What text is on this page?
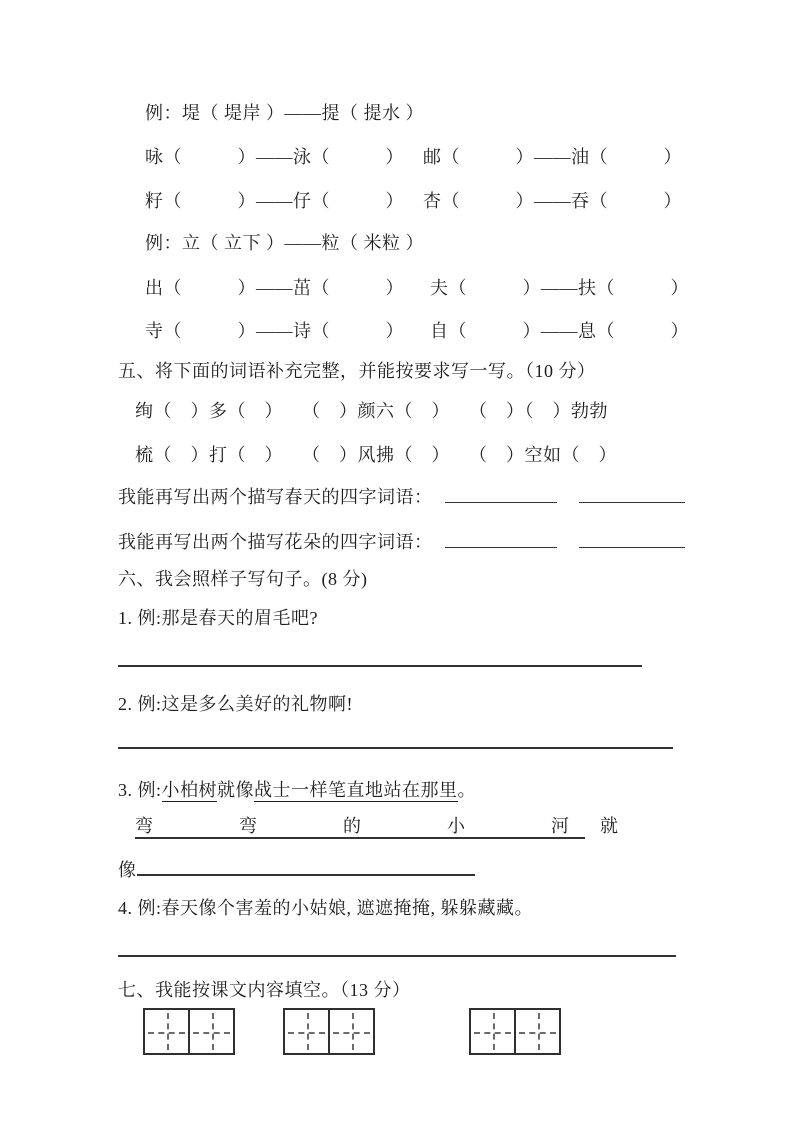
例：堤（ 堤岸 ）——提（ 提水 ）
咏（　　　）——泳（　　　） 邮（　　　）——油（　　　）
籽（　　　）——仔（　　　） 杏（　　　）——吞（　　　）
例：立（ 立下 ）——粒（ 米粒 ）
出（　　　）——茁（　　　） 夫（　　　）——扶（　　　）
寺（　　　）——诗（　　　） 自（　　　）——息（　　　）
五、将下面的词语补充完整，并能按要求写一写。（10 分）
绚（　）多（　）　　（　）颜六（　）　　（　）（　）勃勃
梳（　）打（　）　　（　）风拂（　）　　（　）空如（　）
我能再写出两个描写春天的四字词语：
我能再写出两个描写花朵的四字词语：
六、我会照样子写句子。(8 分)
1. 例:那是春天的眉毛吧?
2. 例:这是多么美好的礼物啊!
3. 例:小柏树就像战士一样笔直地站在那里。
弯	弯	的	小	河 就
像
4. 例:春天像个害羞的小姑娘, 遮遮掩掩, 躲躲藏藏。
七、我能按课文内容填空。（13 分）
